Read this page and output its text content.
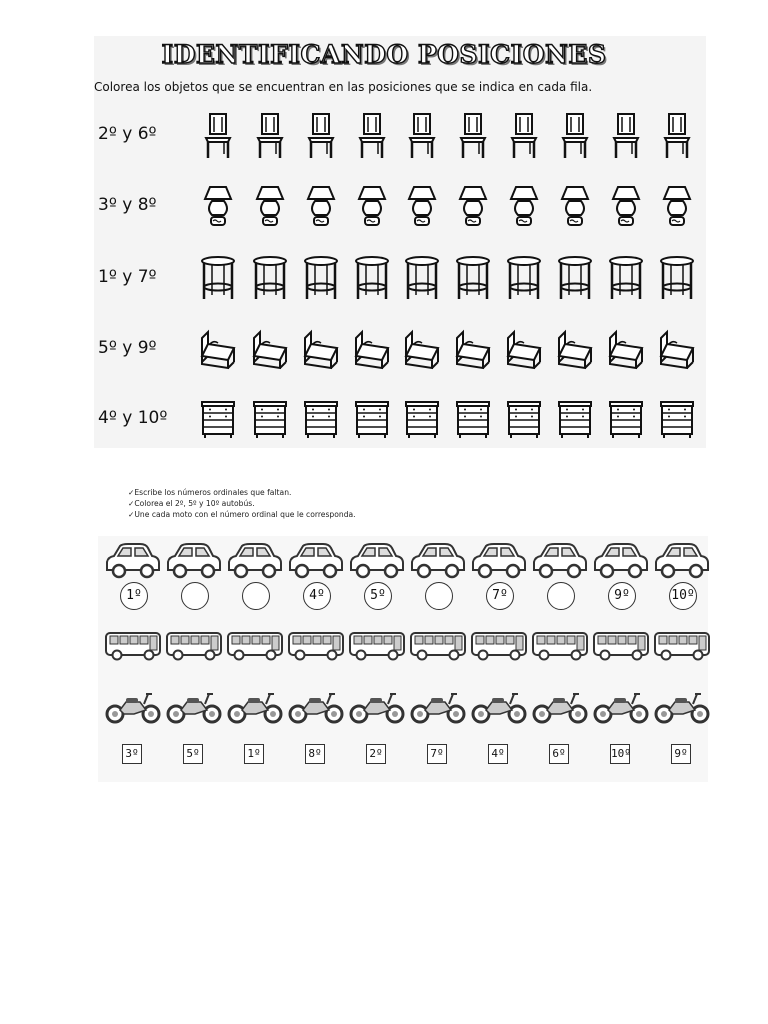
IDENTIFICANDO POSICIONES
Colorea los objetos que se encuentran en las posiciones que se indica en cada fila.
2º y 6º
3º y 8º
1º y 7º
5º y 9º
4º y 10º
✓Escribe los números ordinales que faltan.
✓Colorea el 2º, 5º y 10º autobús.
✓Une cada moto con el número ordinal que le corresponda.
1º
3º	5º	1º
4º
8º
5º
2º	7º
7º
4º	6º
9º
10º
10º
9º
